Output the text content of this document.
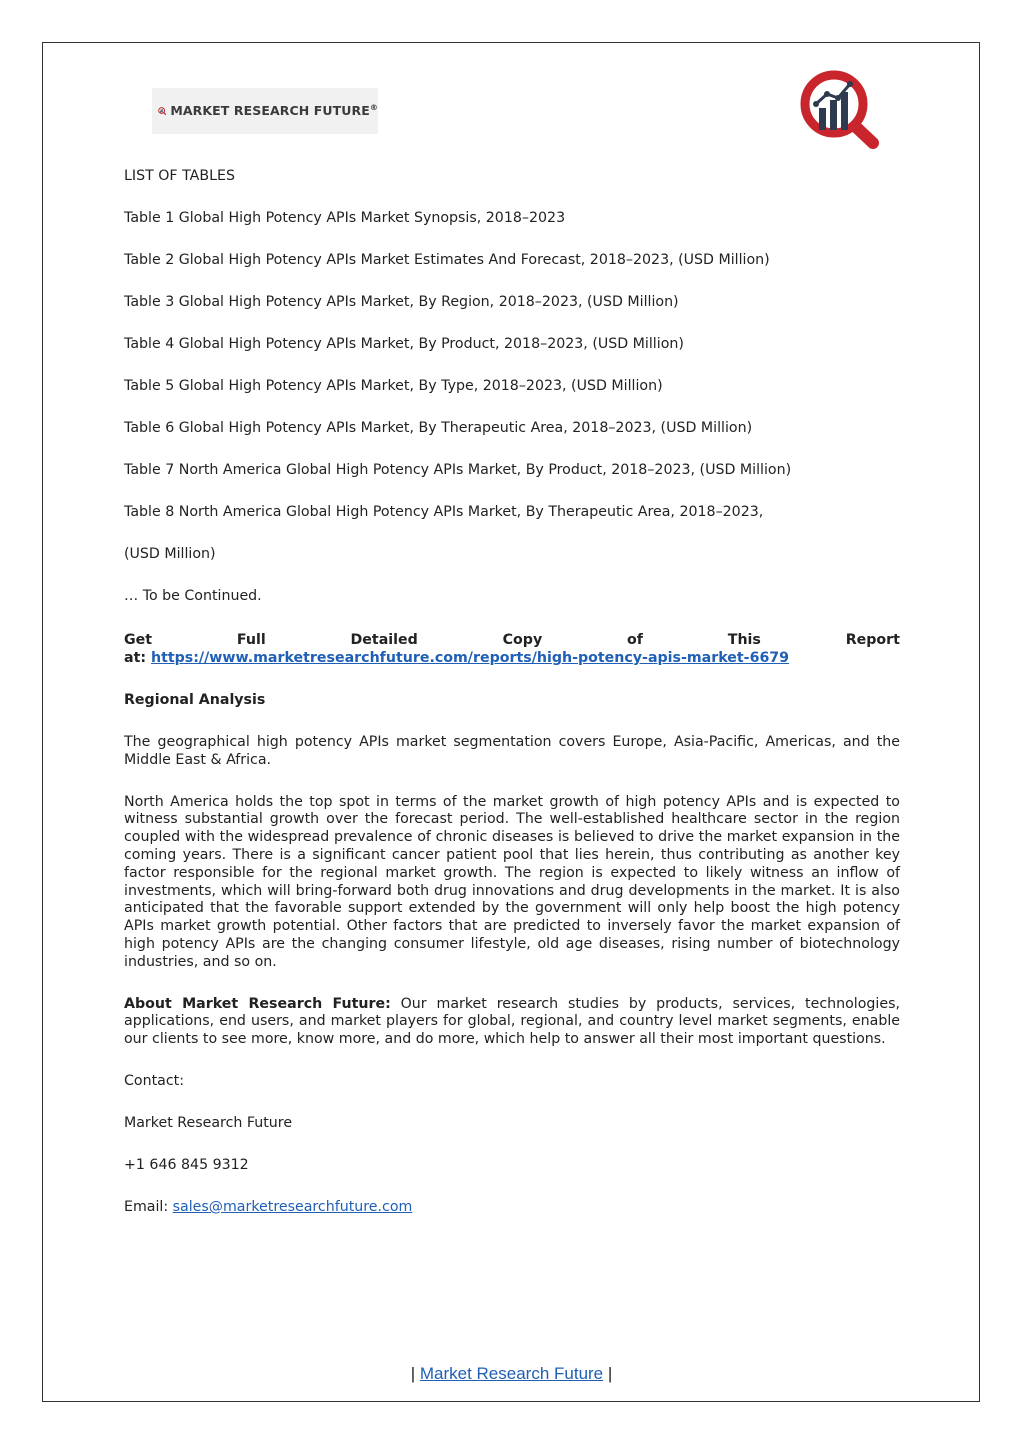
MARKET RESEARCH FUTURE®

LIST OF TABLES

Table 1 Global High Potency APIs Market Synopsis, 2018–2023

Table 2 Global High Potency APIs Market Estimates And Forecast, 2018–2023, (USD Million)

Table 3 Global High Potency APIs Market, By Region, 2018–2023, (USD Million)

Table 4 Global High Potency APIs Market, By Product, 2018–2023, (USD Million)

Table 5 Global High Potency APIs Market, By Type, 2018–2023, (USD Million)

Table 6 Global High Potency APIs Market, By Therapeutic Area, 2018–2023, (USD Million)

Table 7 North America Global High Potency APIs Market, By Product, 2018–2023, (USD Million)

Table 8 North America Global High Potency APIs Market, By Therapeutic Area, 2018–2023,

(USD Million)

… To be Continued.

Get	Full	Detailed	Copy	of	This	Report
at: https://www.marketresearchfuture.com/reports/high-potency-apis-market-6679

Regional Analysis

The geographical high potency APIs market segmentation covers Europe, Asia-Pacific, Americas, and the Middle East & Africa.

North America holds the top spot in terms of the market growth of high potency APIs and is expected to witness substantial growth over the forecast period. The well-established healthcare sector in the region coupled with the widespread prevalence of chronic diseases is believed to drive the market expansion in the coming years. There is a significant cancer patient pool that lies herein, thus contributing as another key factor responsible for the regional market growth. The region is expected to likely witness an inflow of investments, which will bring-forward both drug innovations and drug developments in the market. It is also anticipated that the favorable support extended by the government will only help boost the high potency APIs market growth potential. Other factors that are predicted to inversely favor the market expansion of high potency APIs are the changing consumer lifestyle, old age diseases, rising number of biotechnology industries, and so on.

About Market Research Future: Our market research studies by products, services, technologies, applications, end users, and market players for global, regional, and country level market segments, enable our clients to see more, know more, and do more, which help to answer all their most important questions.

Contact:

Market Research Future

+1 646 845 9312

Email: sales@marketresearchfuture.com

| Market Research Future |
